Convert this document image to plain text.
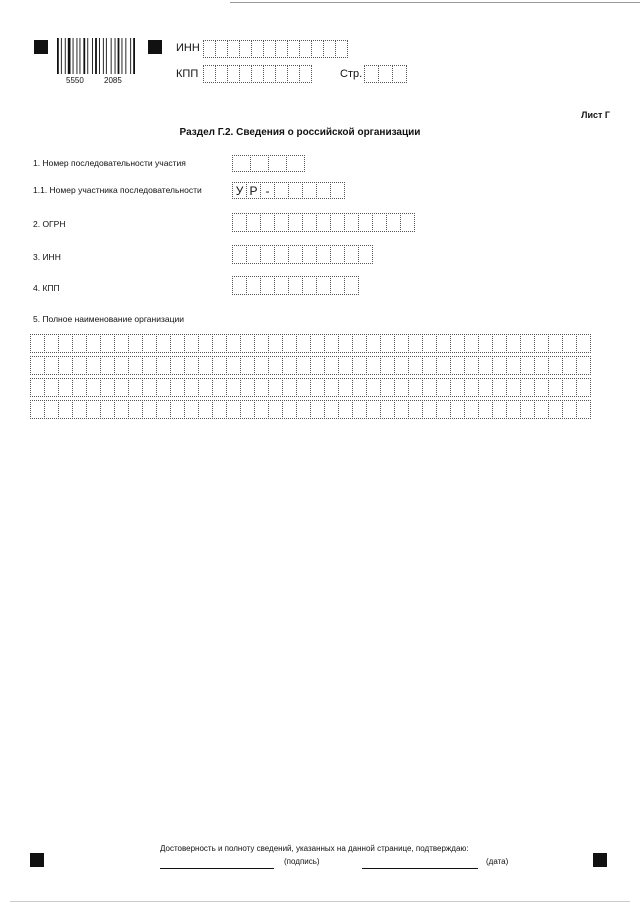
5550	2085
ИНН
КПП	Стр.
Лист Г
Раздел Г.2. Сведения о российской организации
1. Номер последовательности участия
1.1. Номер участника последовательности	У Р -
2. ОГРН
3. ИНН
4. КПП
5. Полное наименование организации
Достоверность и полноту сведений, указанных на данной странице, подтверждаю:
(подпись)	(дата)
